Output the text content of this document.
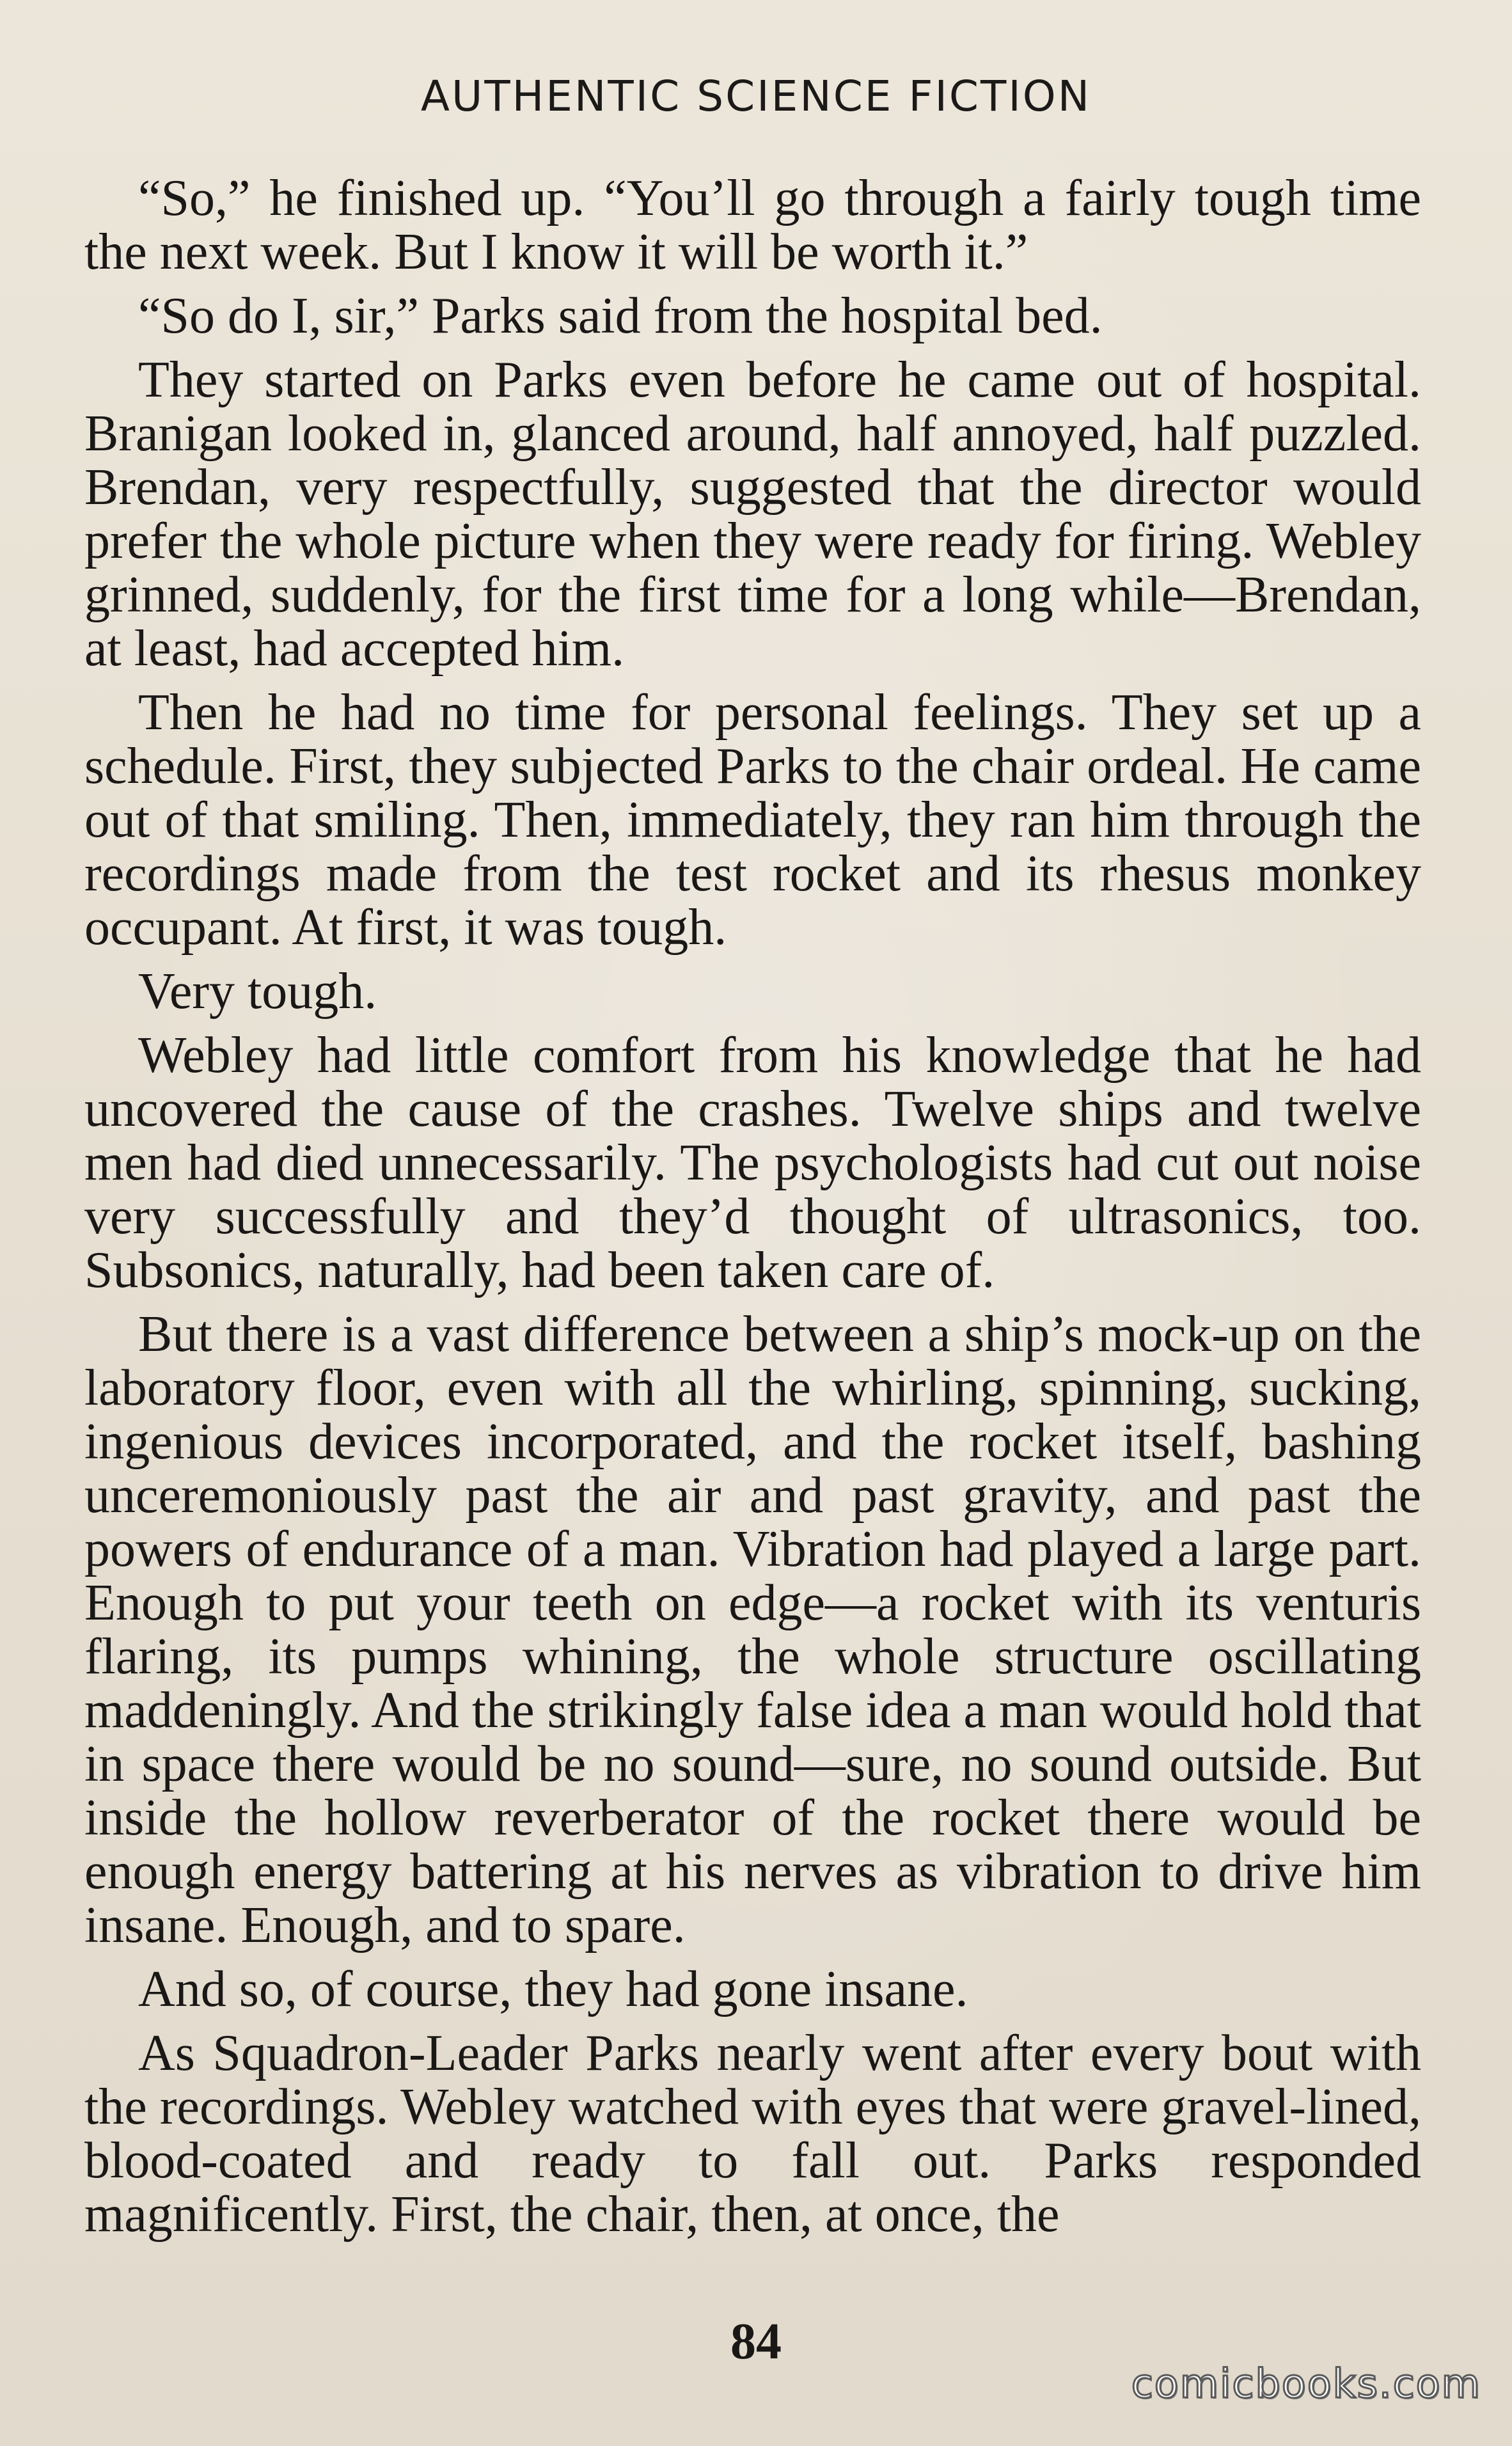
AUTHENTIC SCIENCE FICTION

“So,” he finished up. “You’ll go through a fairly tough time the next week. But I know it will be worth it.”

“So do I, sir,” Parks said from the hospital bed.

They started on Parks even before he came out of hospital. Branigan looked in, glanced around, half annoyed, half puzzled. Brendan, very respectfully, suggested that the director would prefer the whole picture when they were ready for firing. Webley grinned, suddenly, for the first time for a long while—Brendan, at least, had accepted him.

Then he had no time for personal feelings. They set up a schedule. First, they subjected Parks to the chair ordeal. He came out of that smiling. Then, immediately, they ran him through the recordings made from the test rocket and its rhesus monkey occupant. At first, it was tough.

Very tough.

Webley had little comfort from his knowledge that he had uncovered the cause of the crashes. Twelve ships and twelve men had died unnecessarily. The psychologists had cut out noise very successfully and they’d thought of ultrasonics, too. Subsonics, naturally, had been taken care of.

But there is a vast difference between a ship’s mock-up on the laboratory floor, even with all the whirling, spinning, sucking, ingenious devices incorporated, and the rocket itself, bashing unceremoniously past the air and past gravity, and past the powers of endurance of a man. Vibration had played a large part. Enough to put your teeth on edge—a rocket with its venturis flaring, its pumps whining, the whole structure oscillating maddeningly. And the strikingly false idea a man would hold that in space there would be no sound—sure, no sound outside. But inside the hollow reverberator of the rocket there would be enough energy battering at his nerves as vibration to drive him insane. Enough, and to spare.

And so, of course, they had gone insane.

As Squadron-Leader Parks nearly went after every bout with the recordings. Webley watched with eyes that were gravel-lined, blood-coated and ready to fall out. Parks responded magnificently. First, the chair, then, at once, the

84
comicbooks.com
